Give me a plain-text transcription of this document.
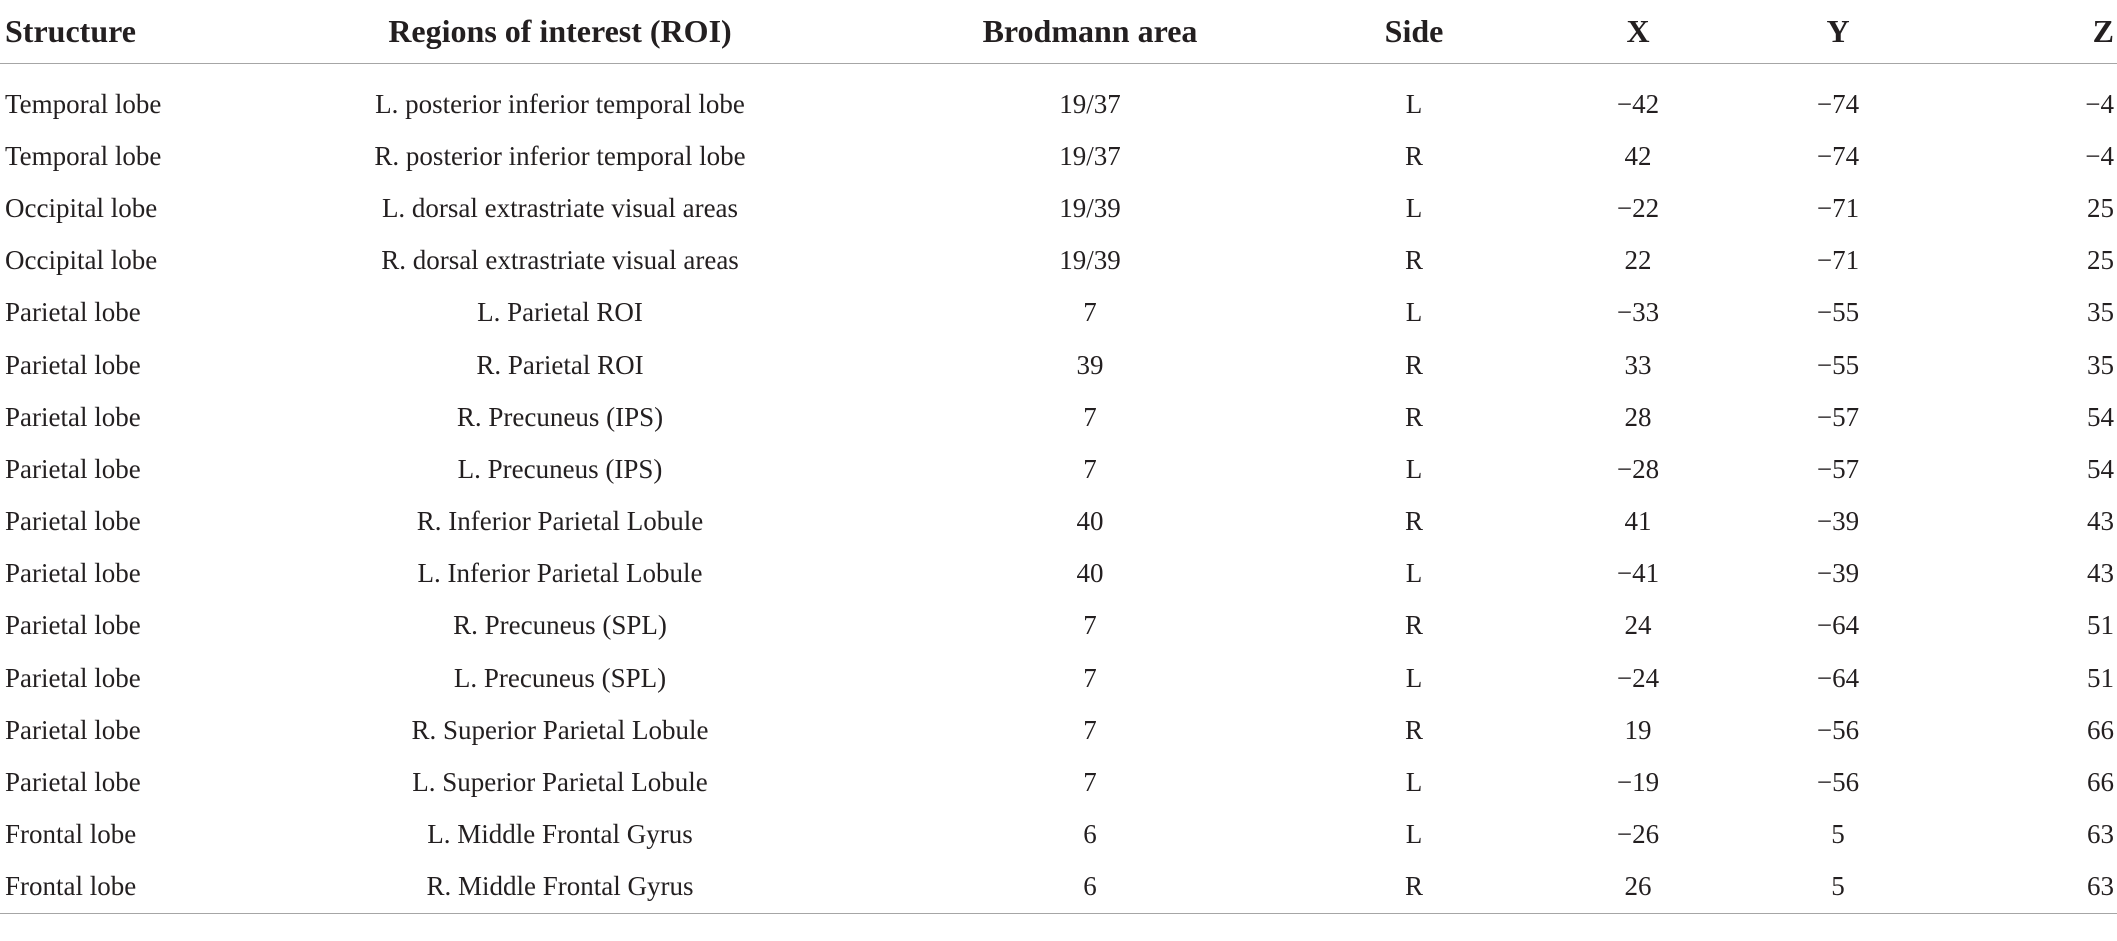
Structure	Regions of interest (ROI)	Brodmann area	Side	X	Y	Z
Temporal lobe	L. posterior inferior temporal lobe	19/37	L	−42	−74	−4
Temporal lobe	R. posterior inferior temporal lobe	19/37	R	42	−74	−4
Occipital lobe	L. dorsal extrastriate visual areas	19/39	L	−22	−71	25
Occipital lobe	R. dorsal extrastriate visual areas	19/39	R	22	−71	25
Parietal lobe	L. Parietal ROI	7	L	−33	−55	35
Parietal lobe	R. Parietal ROI	39	R	33	−55	35
Parietal lobe	R. Precuneus (IPS)	7	R	28	−57	54
Parietal lobe	L. Precuneus (IPS)	7	L	−28	−57	54
Parietal lobe	R. Inferior Parietal Lobule	40	R	41	−39	43
Parietal lobe	L. Inferior Parietal Lobule	40	L	−41	−39	43
Parietal lobe	R. Precuneus (SPL)	7	R	24	−64	51
Parietal lobe	L. Precuneus (SPL)	7	L	−24	−64	51
Parietal lobe	R. Superior Parietal Lobule	7	R	19	−56	66
Parietal lobe	L. Superior Parietal Lobule	7	L	−19	−56	66
Frontal lobe	L. Middle Frontal Gyrus	6	L	−26	5	63
Frontal lobe	R. Middle Frontal Gyrus	6	R	26	5	63
